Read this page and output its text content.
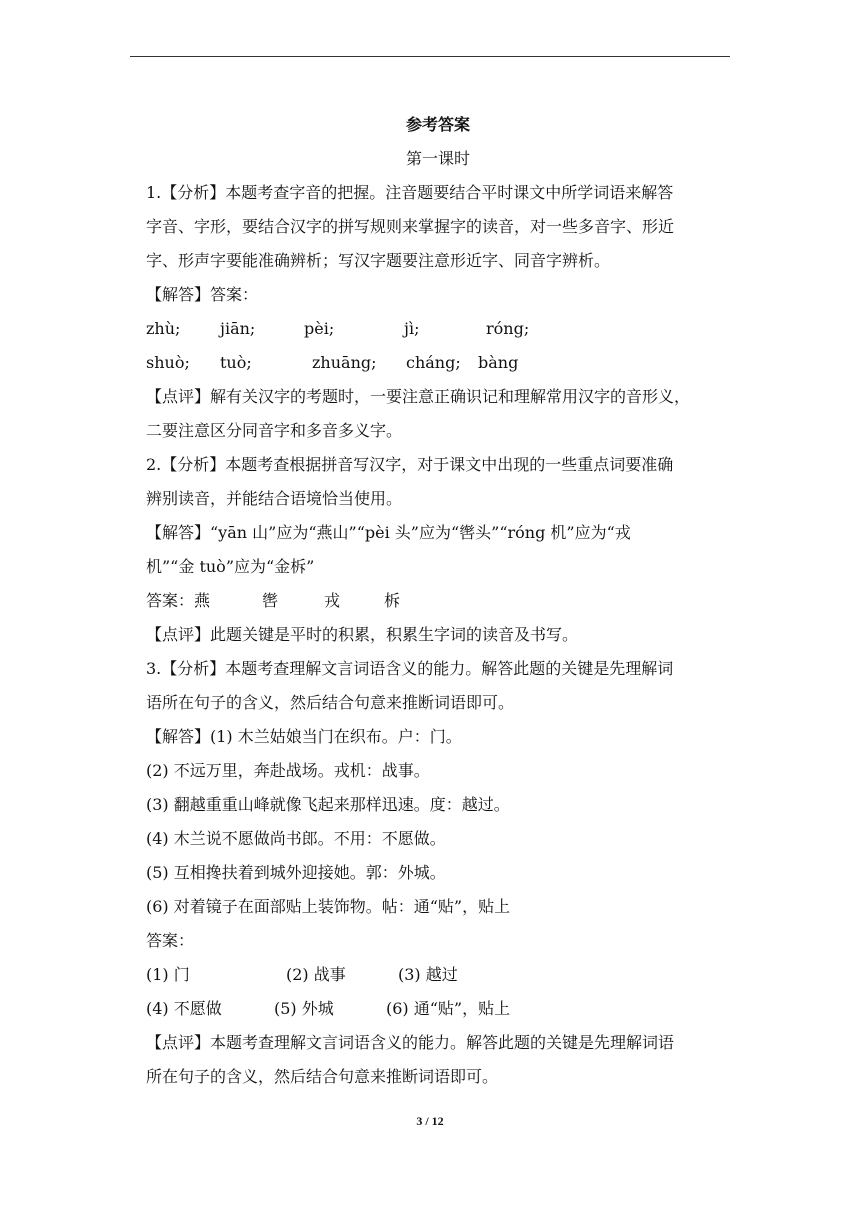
参考答案
第一课时
1.【分析】本题考查字音的把握。注音题要结合平时课文中所学词语来解答
字音、字形，要结合汉字的拼写规则来掌握字的读音，对一些多音字、形近
字、形声字要能准确辨析；写汉字题要注意形近字、同音字辨析。
【解答】答案：
zhù;	jiān;	pèi;	jì;	róng;
shuò;	tuò;	zhuāng;	cháng;	bàng
【点评】解有关汉字的考题时，一要注意正确识记和理解常用汉字的音形义，
二要注意区分同音字和多音多义字。
2.【分析】本题考查根据拼音写汉字，对于课文中出现的一些重点词要准确
辨别读音，并能结合语境恰当使用。
【解答】“yān 山”应为“燕山”“pèi 头”应为“辔头”“róng 机”应为“戎
机”“金 tuò”应为“金柝”
答案：燕	辔	戎	柝
【点评】此题关键是平时的积累，积累生字词的读音及书写。
3.【分析】本题考查理解文言词语含义的能力。解答此题的关键是先理解词
语所在句子的含义，然后结合句意来推断词语即可。
【解答】(1) 木兰姑娘当门在织布。户：门。
(2) 不远万里，奔赴战场。戎机：战事。
(3) 翻越重重山峰就像飞起来那样迅速。度：越过。
(4) 木兰说不愿做尚书郎。不用：不愿做。
(5) 互相搀扶着到城外迎接她。郭：外城。
(6) 对着镜子在面部贴上装饰物。帖：通“贴”，贴上
答案：
(1) 门	(2) 战事	(3) 越过
(4) 不愿做	(5) 外城	(6) 通“贴”，贴上
【点评】本题考查理解文言词语含义的能力。解答此题的关键是先理解词语
所在句子的含义，然后结合句意来推断词语即可。
3 / 12
